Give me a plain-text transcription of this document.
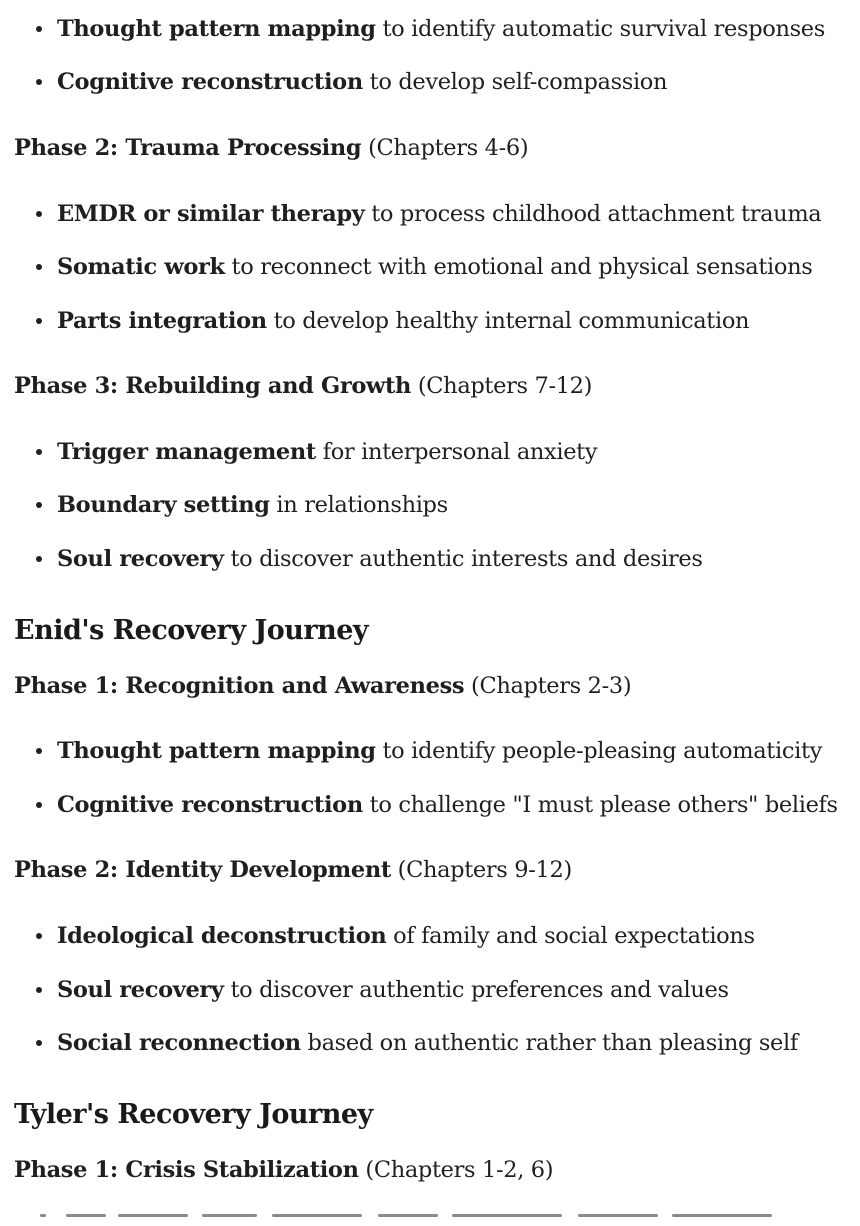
Thought pattern mapping to identify automatic survival responses
Cognitive reconstruction to develop self-compassion
Phase 2: Trauma Processing (Chapters 4-6)
EMDR or similar therapy to process childhood attachment trauma
Somatic work to reconnect with emotional and physical sensations
Parts integration to develop healthy internal communication
Phase 3: Rebuilding and Growth (Chapters 7-12)
Trigger management for interpersonal anxiety
Boundary setting in relationships
Soul recovery to discover authentic interests and desires
Enid's Recovery Journey
Phase 1: Recognition and Awareness (Chapters 2-3)
Thought pattern mapping to identify people-pleasing automaticity
Cognitive reconstruction to challenge "I must please others" beliefs
Phase 2: Identity Development (Chapters 9-12)
Ideological deconstruction of family and social expectations
Soul recovery to discover authentic preferences and values
Social reconnection based on authentic rather than pleasing self
Tyler's Recovery Journey
Phase 1: Crisis Stabilization (Chapters 1-2, 6)
